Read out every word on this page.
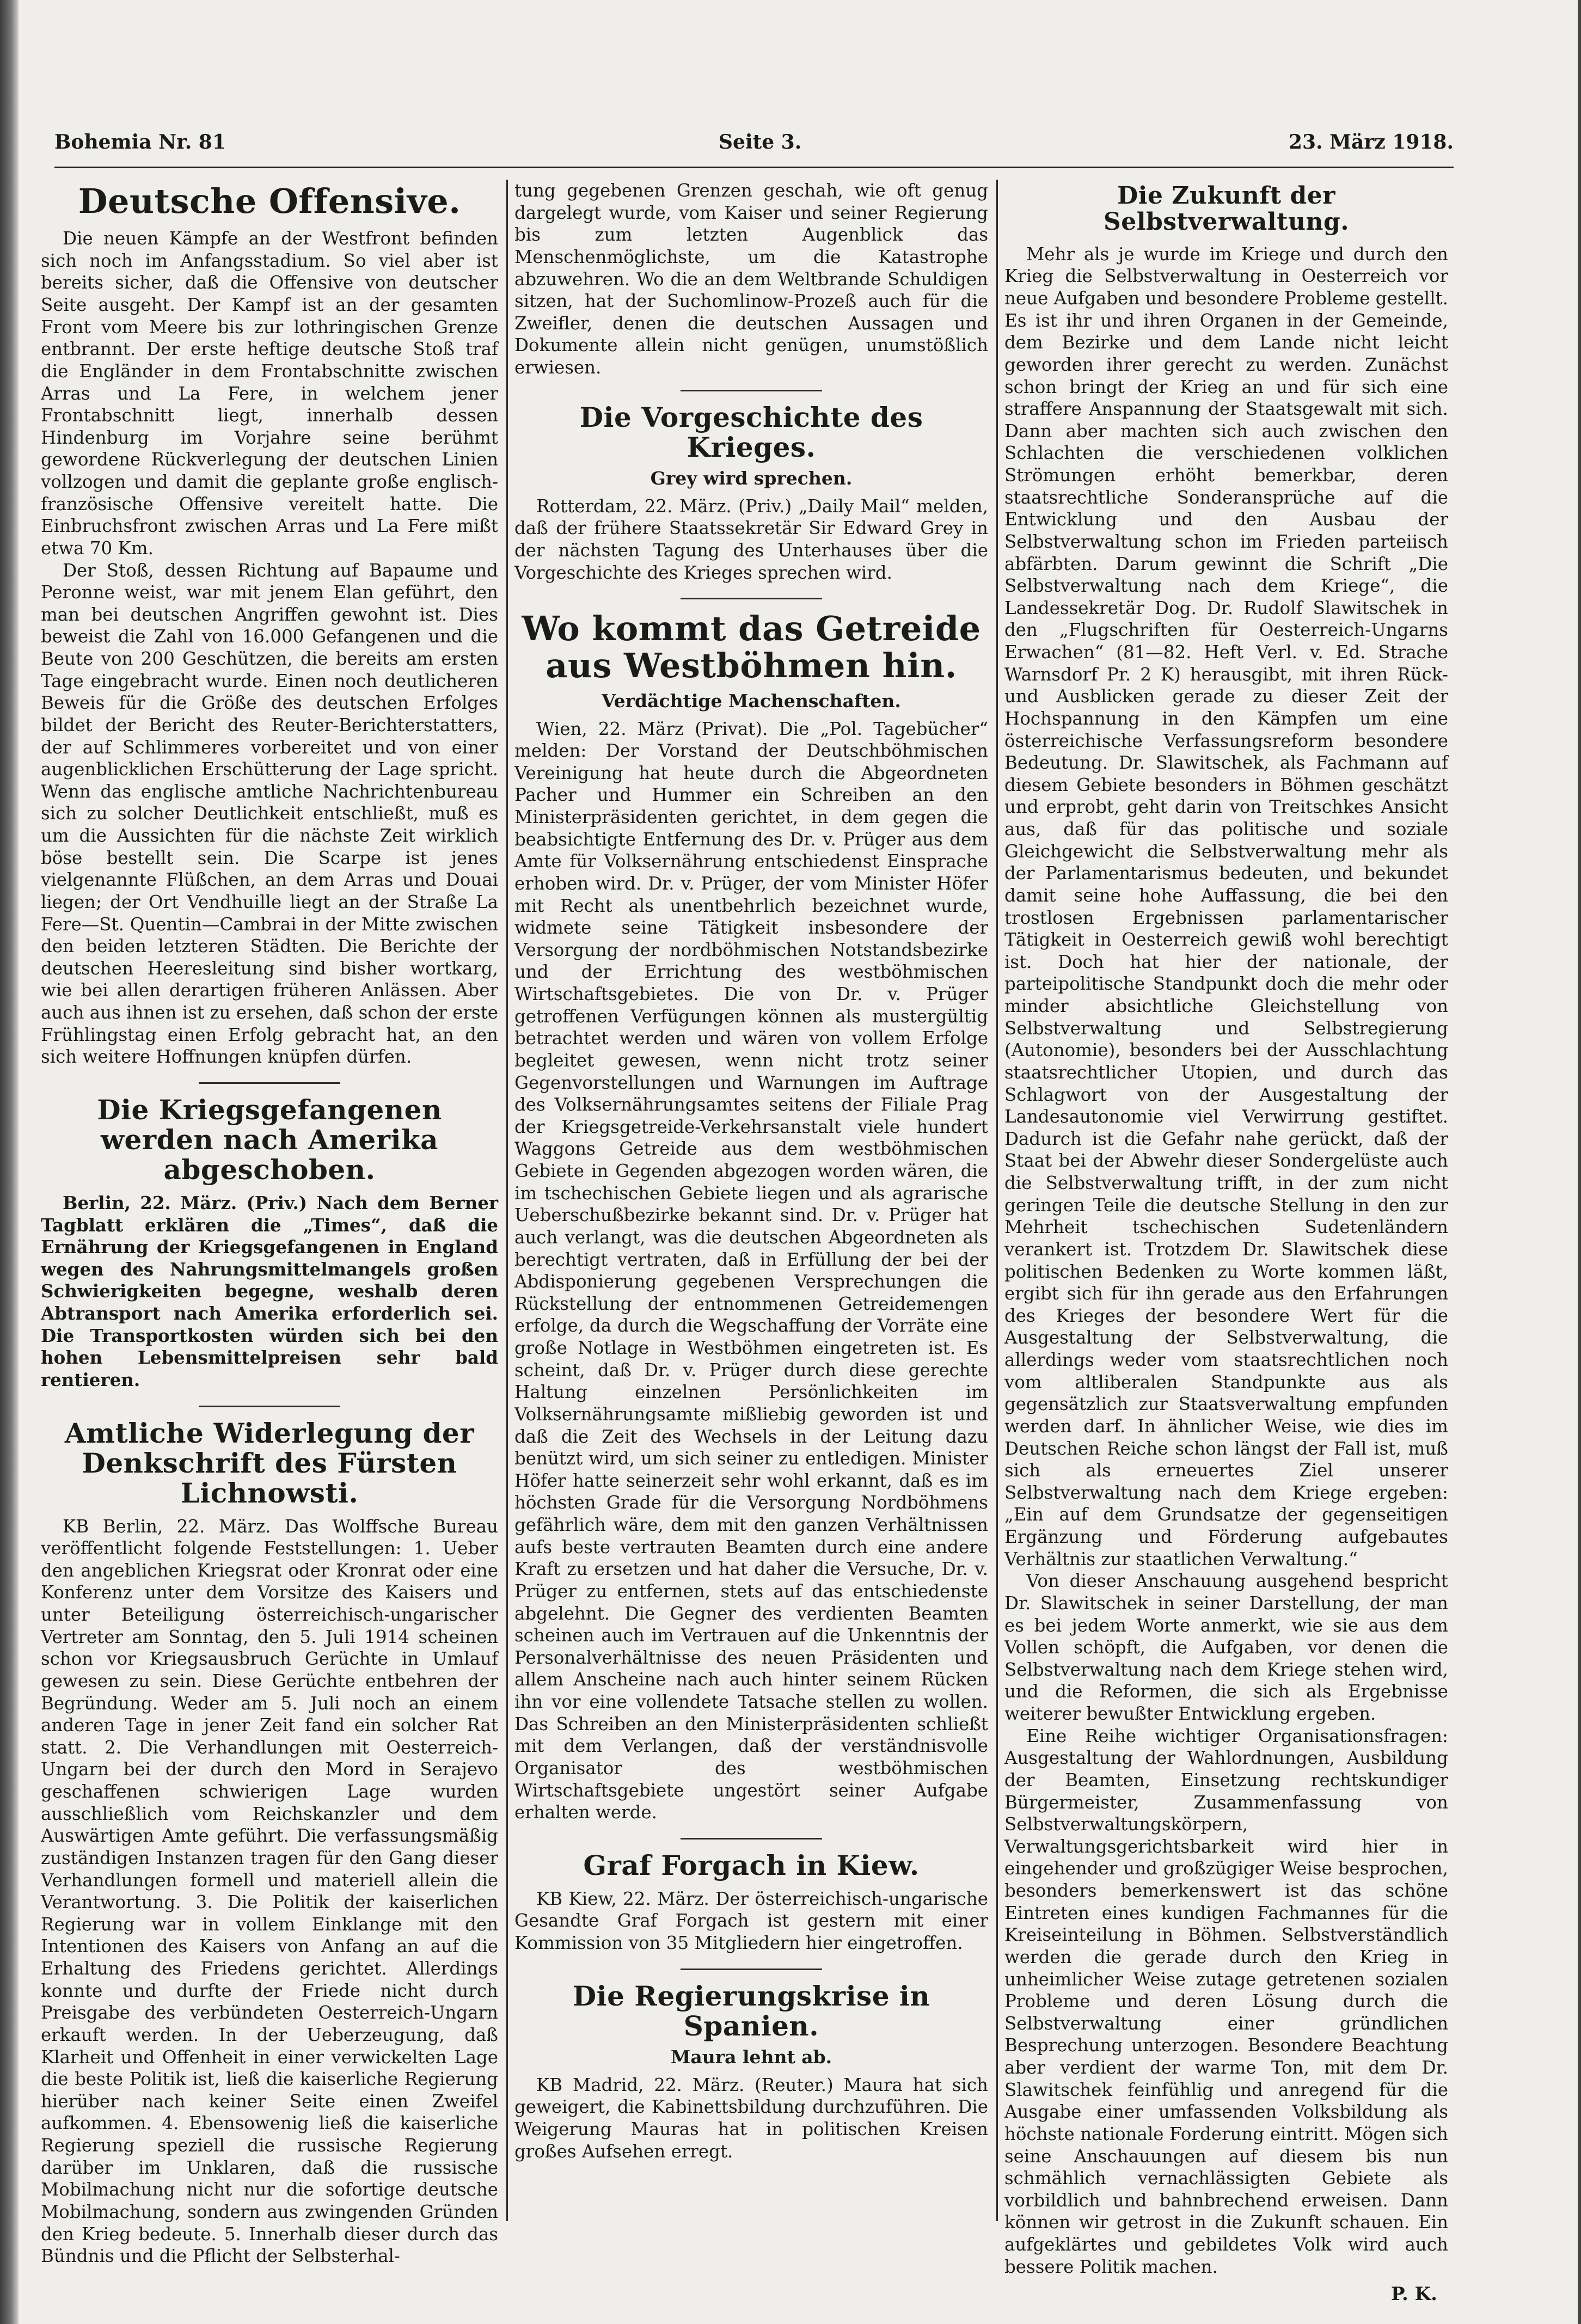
Bohemia Nr. 81	Seite 3.	23. März 1918.
Deutsche Offensive.

Die neuen Kämpfe an der Westfront befinden sich noch im Anfangsstadium. So viel aber ist bereits sicher, daß die Offensive von deutscher Seite ausgeht. Der Kampf ist an der gesamten Front vom Meere bis zur lothringischen Grenze entbrannt. Der erste heftige deutsche Stoß traf die Engländer in dem Frontabschnitte zwischen Arras und La Fere, in welchem jener Frontabschnitt liegt, innerhalb dessen Hindenburg im Vorjahre seine berühmt gewordene Rückverlegung der deutschen Linien vollzogen und damit die geplante große englisch-französische Offensive vereitelt hatte. Die Einbruchsfront zwischen Arras und La Fere mißt etwa 70 Km.

Der Stoß, dessen Richtung auf Bapaume und Peronne weist, war mit jenem Elan geführt, den man bei deutschen Angriffen gewohnt ist. Dies beweist die Zahl von 16.000 Gefangenen und die Beute von 200 Geschützen, die bereits am ersten Tage eingebracht wurde. Einen noch deutlicheren Beweis für die Größe des deutschen Erfolges bildet der Bericht des Reuter-Berichterstatters, der auf Schlimmeres vorbereitet und von einer augenblicklichen Erschütterung der Lage spricht. Wenn das englische amtliche Nachrichtenbureau sich zu solcher Deutlichkeit entschließt, muß es um die Aussichten für die nächste Zeit wirklich böse bestellt sein. Die Scarpe ist jenes vielgenannte Flüßchen, an dem Arras und Douai liegen; der Ort Vendhuille liegt an der Straße La Fere—St. Quentin—Cambrai in der Mitte zwischen den beiden letzteren Städten. Die Berichte der deutschen Heeresleitung sind bisher wortkarg, wie bei allen derartigen früheren Anlässen. Aber auch aus ihnen ist zu ersehen, daß schon der erste Frühlingstag einen Erfolg gebracht hat, an den sich weitere Hoffnungen knüpfen dürfen.

Die Kriegsgefangenen werden nach Amerika abgeschoben.

Berlin, 22. März. (Priv.) Nach dem Berner Tagblatt erklären die „Times“, daß die Ernährung der Kriegsgefangenen in England wegen des Nahrungsmittelmangels großen Schwierigkeiten begegne, weshalb deren Abtransport nach Amerika erforderlich sei. Die Transportkosten würden sich bei den hohen Lebensmittelpreisen sehr bald rentieren.

Amtliche Widerlegung der Denkschrift des Fürsten Lichnowsti.

KB Berlin, 22. März. Das Wolffsche Bureau veröffentlicht folgende Feststellungen: 1. Ueber den angeblichen Kriegsrat oder Kronrat oder eine Konferenz unter dem Vorsitze des Kaisers und unter Beteiligung österreichisch-ungarischer Vertreter am Sonntag, den 5. Juli 1914 scheinen schon vor Kriegsausbruch Gerüchte in Umlauf gewesen zu sein. Diese Gerüchte entbehren der Begründung. Weder am 5. Juli noch an einem anderen Tage in jener Zeit fand ein solcher Rat statt. 2. Die Verhandlungen mit Oesterreich-Ungarn bei der durch den Mord in Serajevo geschaffenen schwierigen Lage wurden ausschließlich vom Reichskanzler und dem Auswärtigen Amte geführt. Die verfassungsmäßig zuständigen Instanzen tragen für den Gang dieser Verhandlungen formell und materiell allein die Verantwortung. 3. Die Politik der kaiserlichen Regierung war in vollem Einklange mit den Intentionen des Kaisers von Anfang an auf die Erhaltung des Friedens gerichtet. Allerdings konnte und durfte der Friede nicht durch Preisgabe des verbündeten Oesterreich-Ungarn erkauft werden. In der Ueberzeugung, daß Klarheit und Offenheit in einer verwickelten Lage die beste Politik ist, ließ die kaiserliche Regierung hierüber nach keiner Seite einen Zweifel aufkommen. 4. Ebensowenig ließ die kaiserliche Regierung speziell die russische Regierung darüber im Unklaren, daß die russische Mobilmachung nicht nur die sofortige deutsche Mobilmachung, sondern aus zwingenden Gründen den Krieg bedeute. 5. Innerhalb dieser durch das Bündnis und die Pflicht der Selbsterhal-

tung gegebenen Grenzen geschah, wie oft genug dargelegt wurde, vom Kaiser und seiner Regierung bis zum letzten Augenblick das Menschenmöglichste, um die Katastrophe abzuwehren. Wo die an dem Weltbrande Schuldigen sitzen, hat der Suchomlinow-Prozeß auch für die Zweifler, denen die deutschen Aussagen und Dokumente allein nicht genügen, unumstößlich erwiesen.

Die Vorgeschichte des Krieges.
Grey wird sprechen.

Rotterdam, 22. März. (Priv.) „Daily Mail“ melden, daß der frühere Staatssekretär Sir Edward Grey in der nächsten Tagung des Unterhauses über die Vorgeschichte des Krieges sprechen wird.

Wo kommt das Getreide aus Westböhmen hin.
Verdächtige Machenschaften.

Wien, 22. März (Privat). Die „Pol. Tagebücher“ melden: Der Vorstand der Deutschböhmischen Vereinigung hat heute durch die Abgeordneten Pacher und Hummer ein Schreiben an den Ministerpräsidenten gerichtet, in dem gegen die beabsichtigte Entfernung des Dr. v. Prüger aus dem Amte für Volksernährung entschiedenst Einsprache erhoben wird. Dr. v. Prüger, der vom Minister Höfer mit Recht als unentbehrlich bezeichnet wurde, widmete seine Tätigkeit insbesondere der Versorgung der nordböhmischen Notstandsbezirke und der Errichtung des westböhmischen Wirtschaftsgebietes. Die von Dr. v. Prüger getroffenen Verfügungen können als mustergültig betrachtet werden und wären von vollem Erfolge begleitet gewesen, wenn nicht trotz seiner Gegenvorstellungen und Warnungen im Auftrage des Volksernährungsamtes seitens der Filiale Prag der Kriegsgetreide-Verkehrsanstalt viele hundert Waggons Getreide aus dem westböhmischen Gebiete in Gegenden abgezogen worden wären, die im tschechischen Gebiete liegen und als agrarische Ueberschußbezirke bekannt sind. Dr. v. Prüger hat auch verlangt, was die deutschen Abgeordneten als berechtigt vertraten, daß in Erfüllung der bei der Abdisponierung gegebenen Versprechungen die Rückstellung der entnommenen Getreidemengen erfolge, da durch die Wegschaffung der Vorräte eine große Notlage in Westböhmen eingetreten ist. Es scheint, daß Dr. v. Prüger durch diese gerechte Haltung einzelnen Persönlichkeiten im Volksernährungsamte mißliebig geworden ist und daß die Zeit des Wechsels in der Leitung dazu benützt wird, um sich seiner zu entledigen. Minister Höfer hatte seinerzeit sehr wohl erkannt, daß es im höchsten Grade für die Versorgung Nordböhmens gefährlich wäre, dem mit den ganzen Verhältnissen aufs beste vertrauten Beamten durch eine andere Kraft zu ersetzen und hat daher die Versuche, Dr. v. Prüger zu entfernen, stets auf das entschiedenste abgelehnt. Die Gegner des verdienten Beamten scheinen auch im Vertrauen auf die Unkenntnis der Personalverhältnisse des neuen Präsidenten und allem Anscheine nach auch hinter seinem Rücken ihn vor eine vollendete Tatsache stellen zu wollen. Das Schreiben an den Ministerpräsidenten schließt mit dem Verlangen, daß der verständnisvolle Organisator des westböhmischen Wirtschaftsgebiete ungestört seiner Aufgabe erhalten werde.

Graf Forgach in Kiew.

KB Kiew, 22. März. Der österreichisch-ungarische Gesandte Graf Forgach ist gestern mit einer Kommission von 35 Mitgliedern hier eingetroffen.

Die Regierungskrise in Spanien.
Maura lehnt ab.

KB Madrid, 22. März. (Reuter.) Maura hat sich geweigert, die Kabinettsbildung durchzuführen. Die Weigerung Mauras hat in politischen Kreisen großes Aufsehen erregt.

Die Zukunft der Selbstverwaltung.

Mehr als je wurde im Kriege und durch den Krieg die Selbstverwaltung in Oesterreich vor neue Aufgaben und besondere Probleme gestellt. Es ist ihr und ihren Organen in der Gemeinde, dem Bezirke und dem Lande nicht leicht geworden ihrer gerecht zu werden. Zunächst schon bringt der Krieg an und für sich eine straffere Anspannung der Staatsgewalt mit sich. Dann aber machten sich auch zwischen den Schlachten die verschiedenen volklichen Strömungen erhöht bemerkbar, deren staatsrechtliche Sonderansprüche auf die Entwicklung und den Ausbau der Selbstverwaltung schon im Frieden parteiisch abfärbten. Darum gewinnt die Schrift „Die Selbstverwaltung nach dem Kriege“, die Landessekretär Dog. Dr. Rudolf Slawitschek in den „Flugschriften für Oesterreich-Ungarns Erwachen“ (81—82. Heft Verl. v. Ed. Strache Warnsdorf Pr. 2 K) herausgibt, mit ihren Rück- und Ausblicken gerade zu dieser Zeit der Hochspannung in den Kämpfen um eine österreichische Verfassungsreform besondere Bedeutung. Dr. Slawitschek, als Fachmann auf diesem Gebiete besonders in Böhmen geschätzt und erprobt, geht darin von Treitschkes Ansicht aus, daß für das politische und soziale Gleichgewicht die Selbstverwaltung mehr als der Parlamentarismus bedeuten, und bekundet damit seine hohe Auffassung, die bei den trostlosen Ergebnissen parlamentarischer Tätigkeit in Oesterreich gewiß wohl berechtigt ist. Doch hat hier der nationale, der parteipolitische Standpunkt doch die mehr oder minder absichtliche Gleichstellung von Selbstverwaltung und Selbstregierung (Autonomie), besonders bei der Ausschlachtung staatsrechtlicher Utopien, und durch das Schlagwort von der Ausgestaltung der Landesautonomie viel Verwirrung gestiftet. Dadurch ist die Gefahr nahe gerückt, daß der Staat bei der Abwehr dieser Sondergelüste auch die Selbstverwaltung trifft, in der zum nicht geringen Teile die deutsche Stellung in den zur Mehrheit tschechischen Sudetenländern verankert ist. Trotzdem Dr. Slawitschek diese politischen Bedenken zu Worte kommen läßt, ergibt sich für ihn gerade aus den Erfahrungen des Krieges der besondere Wert für die Ausgestaltung der Selbstverwaltung, die allerdings weder vom staatsrechtlichen noch vom altliberalen Standpunkte aus als gegensätzlich zur Staatsverwaltung empfunden werden darf. In ähnlicher Weise, wie dies im Deutschen Reiche schon längst der Fall ist, muß sich als erneuertes Ziel unserer Selbstverwaltung nach dem Kriege ergeben: „Ein auf dem Grundsatze der gegenseitigen Ergänzung und Förderung aufgebautes Verhältnis zur staatlichen Verwaltung.“

Von dieser Anschauung ausgehend bespricht Dr. Slawitschek in seiner Darstellung, der man es bei jedem Worte anmerkt, wie sie aus dem Vollen schöpft, die Aufgaben, vor denen die Selbstverwaltung nach dem Kriege stehen wird, und die Reformen, die sich als Ergebnisse weiterer bewußter Entwicklung ergeben.

Eine Reihe wichtiger Organisationsfragen: Ausgestaltung der Wahlordnungen, Ausbildung der Beamten, Einsetzung rechtskundiger Bürgermeister, Zusammenfassung von Selbstverwaltungskörpern, Verwaltungsgerichtsbarkeit wird hier in eingehender und großzügiger Weise besprochen, besonders bemerkenswert ist das schöne Eintreten eines kundigen Fachmannes für die Kreiseinteilung in Böhmen. Selbstverständlich werden die gerade durch den Krieg in unheimlicher Weise zutage getretenen sozialen Probleme und deren Lösung durch die Selbstverwaltung einer gründlichen Besprechung unterzogen. Besondere Beachtung aber verdient der warme Ton, mit dem Dr. Slawitschek feinfühlig und anregend für die Ausgabe einer umfassenden Volksbildung als höchste nationale Forderung eintritt. Mögen sich seine Anschauungen auf diesem bis nun schmählich vernachlässigten Gebiete als vorbildlich und bahnbrechend erweisen. Dann können wir getrost in die Zukunft schauen. Ein aufgeklärtes und gebildetes Volk wird auch bessere Politik machen.

P. K.
